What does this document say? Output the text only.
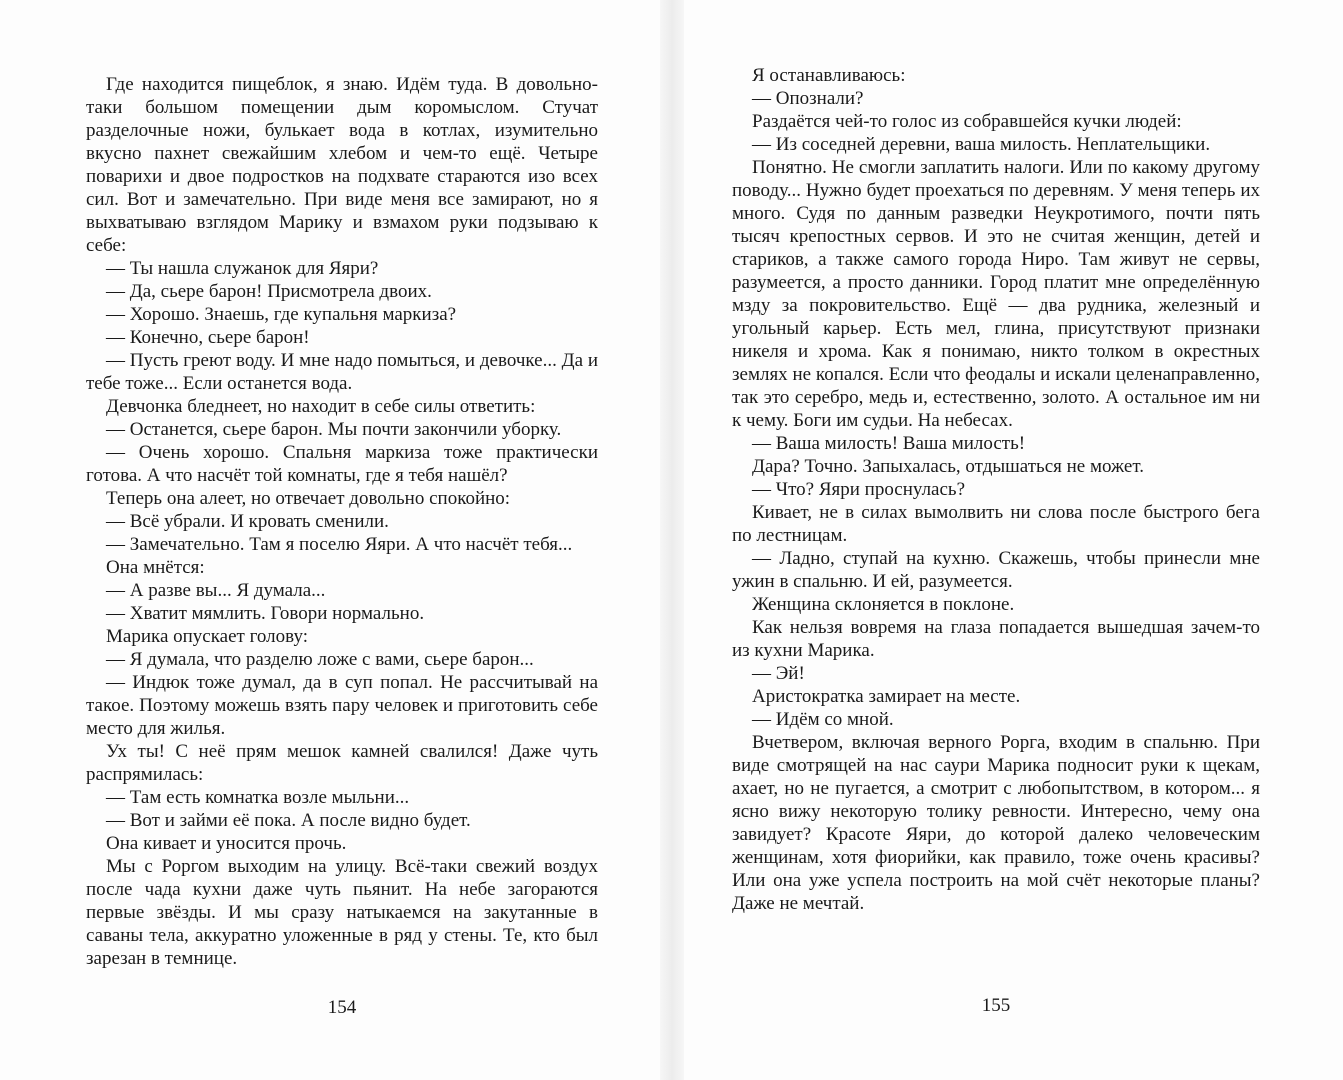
Где находится пищеблок, я знаю. Идём туда. В довольно-таки большом помещении дым коромыслом. Стучат разделочные ножи, булькает вода в котлах, изумительно вкусно пахнет свежайшим хлебом и чем-то ещё. Четыре поварихи и двое подростков на подхвате стараются изо всех сил. Вот и замечательно. При виде меня все замирают, но я выхватываю взглядом Марику и взмахом руки подзываю к себе:

— Ты нашла служанок для Яяри?

— Да, сьере барон! Присмотрела двоих.

— Хорошо. Знаешь, где купальня маркиза?

— Конечно, сьере барон!

— Пусть греют воду. И мне надо помыться, и девочке... Да и тебе тоже... Если останется вода.

Девчонка бледнеет, но находит в себе силы ответить:

— Останется, сьере барон. Мы почти закончили уборку.

— Очень хорошо. Спальня маркиза тоже практически готова. А что насчёт той комнаты, где я тебя нашёл?

Теперь она алеет, но отвечает довольно спокойно:

— Всё убрали. И кровать сменили.

— Замечательно. Там я поселю Яяри. А что насчёт тебя...

Она мнётся:

— А разве вы... Я думала...

— Хватит мямлить. Говори нормально.

Марика опускает голову:

— Я думала, что разделю ложе с вами, сьере барон...

— Индюк тоже думал, да в суп попал. Не рассчитывай на такое. Поэтому можешь взять пару человек и приготовить себе место для жилья.

Ух ты! С неё прям мешок камней свалился! Даже чуть распрямилась:

— Там есть комнатка возле мыльни...

— Вот и займи её пока. А после видно будет.

Она кивает и уносится прочь.

Мы с Роргом выходим на улицу. Всё-таки свежий воздух после чада кухни даже чуть пьянит. На небе загораются первые звёзды. И мы сразу натыкаемся на закутанные в саваны тела, аккуратно уложенные в ряд у стены. Те, кто был зарезан в темнице.

154

Я останавливаюсь:

— Опознали?

Раздаётся чей-то голос из собравшейся кучки людей:

— Из соседней деревни, ваша милость. Неплательщики.

Понятно. Не смогли заплатить налоги. Или по какому другому поводу... Нужно будет проехаться по деревням. У меня теперь их много. Судя по данным разведки Неукротимого, почти пять тысяч крепостных сервов. И это не считая женщин, детей и стариков, а также самого города Ниро. Там живут не сервы, разумеется, а просто данники. Город платит мне определённую мзду за покровительство. Ещё — два рудника, железный и угольный карьер. Есть мел, глина, присутствуют признаки никеля и хрома. Как я понимаю, никто толком в окрестных землях не копался. Если что феодалы и искали целенаправленно, так это серебро, медь и, естественно, золото. А остальное им ни к чему. Боги им судьи. На небесах.

— Ваша милость! Ваша милость!

Дара? Точно. Запыхалась, отдышаться не может.

— Что? Яяри проснулась?

Кивает, не в силах вымолвить ни слова после быстрого бега по лестницам.

— Ладно, ступай на кухню. Скажешь, чтобы принесли мне ужин в спальню. И ей, разумеется.

Женщина склоняется в поклоне.

Как нельзя вовремя на глаза попадается вышедшая зачем-то из кухни Марика.

— Эй!

Аристократка замирает на месте.

— Идём со мной.

Вчетвером, включая верного Рорга, входим в спальню. При виде смотрящей на нас саури Марика подносит руки к щекам, ахает, но не пугается, а смотрит с любопытством, в котором... я ясно вижу некоторую толику ревности. Интересно, чему она завидует? Красоте Яяри, до которой далеко человеческим женщинам, хотя фиорийки, как правило, тоже очень красивы? Или она уже успела построить на мой счёт некоторые планы? Даже не мечтай.

155
